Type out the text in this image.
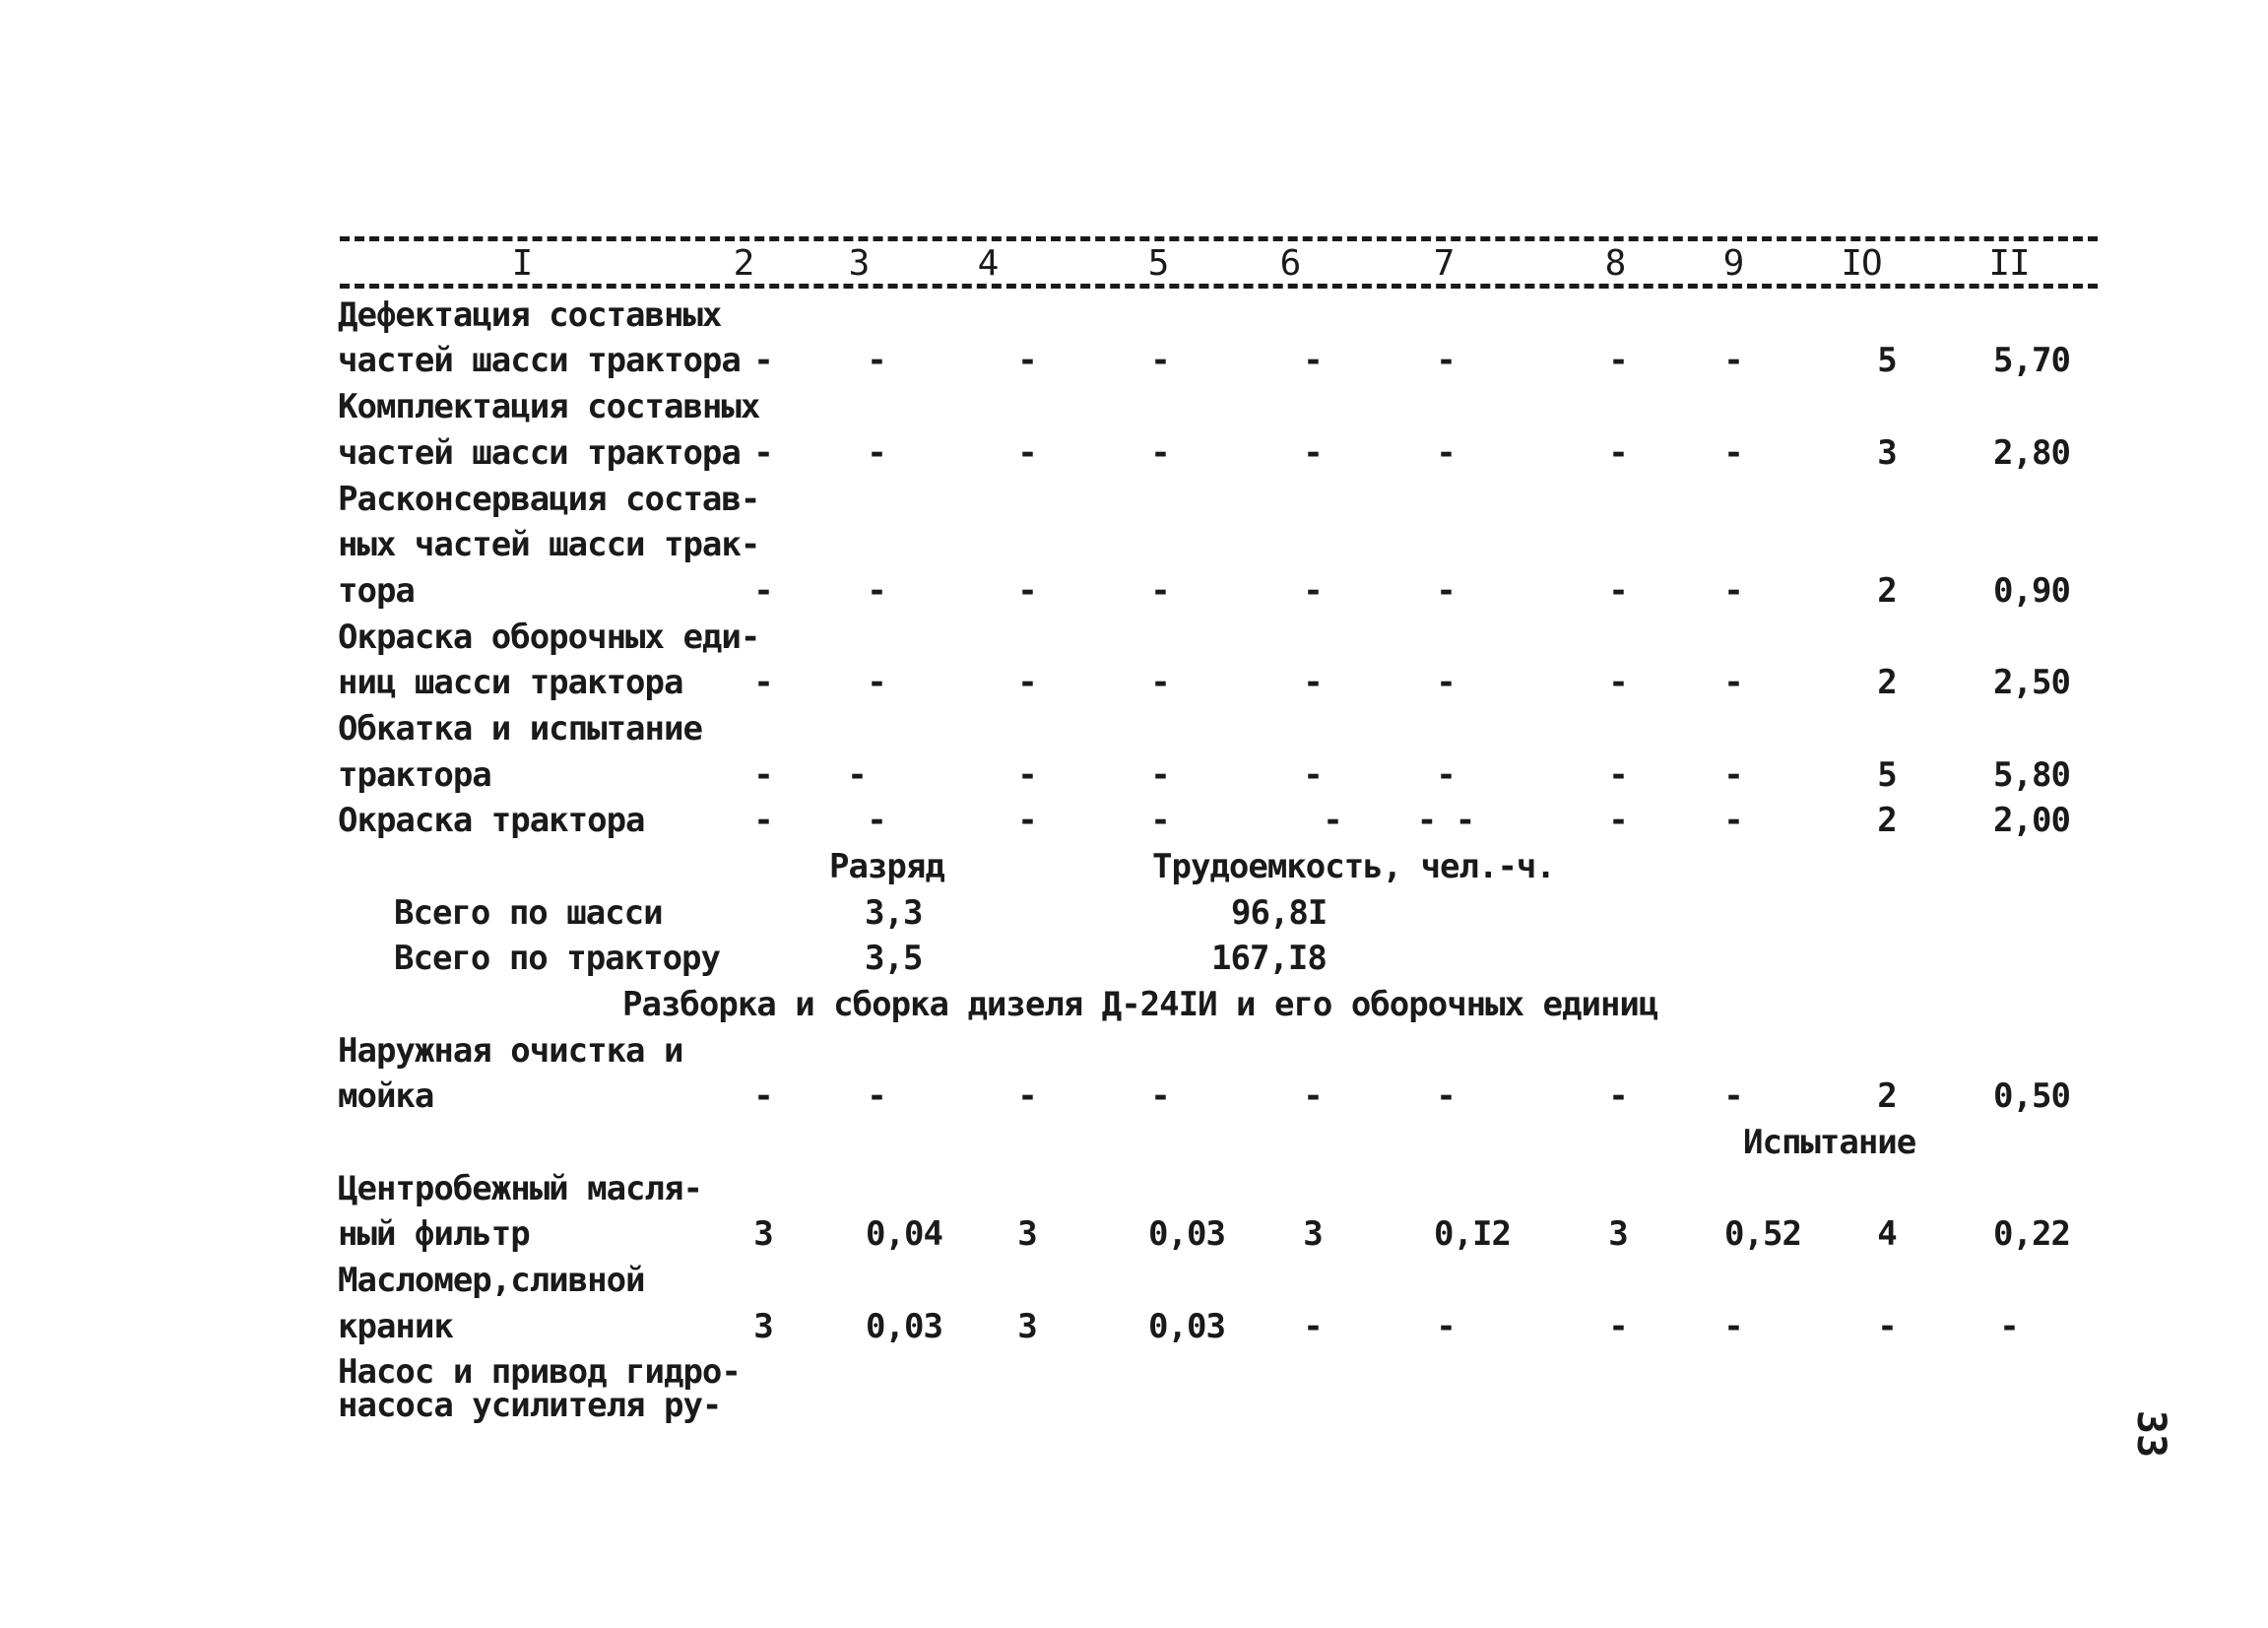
I	2	3	4	5	6	7	8	9	IO	II
Дефектация составных
частей шасси трактора -	-	-	-	-	-	-	-	5	5,70
Комплектация составных
частей шасси трактора -	-	-	-	-	-	-	-	3	2,80
Расконсервация состав-
ных частей шасси трак-
тора	-	-	-	-	-	-	-	-	2	0,90
Окраска оборочных еди-
ниц шасси трактора	-	-	-	-	-	-	-	-	2	2,50
Обкатка и испытание
трактора	-	-	-	-	-	-	-	-	5	5,80
Окраска трактора	-	-	-	-	-	- -	-	-	2	2,00
Разряд	Трудоемкость, чел.-ч.
Всего по шасси	3,3	96,8I
Всего по трактору	3,5	167,I8
Разборка и сборка дизеля Д-24IИ и его оборочных единиц
Наружная очистка и
мойка	-	-	-	-	-	-	-	-	2	0,50
Испытание
Центробежный масля-
ный фильтр	3	0,04	3	0,03	3	0,I2	3	0,52	4	0,22
Масломер,сливной
краник	3	0,03	3	0,03	-	-	-	-	-	-
Насос и привод гидро-
насоса усилителя ру-
33
